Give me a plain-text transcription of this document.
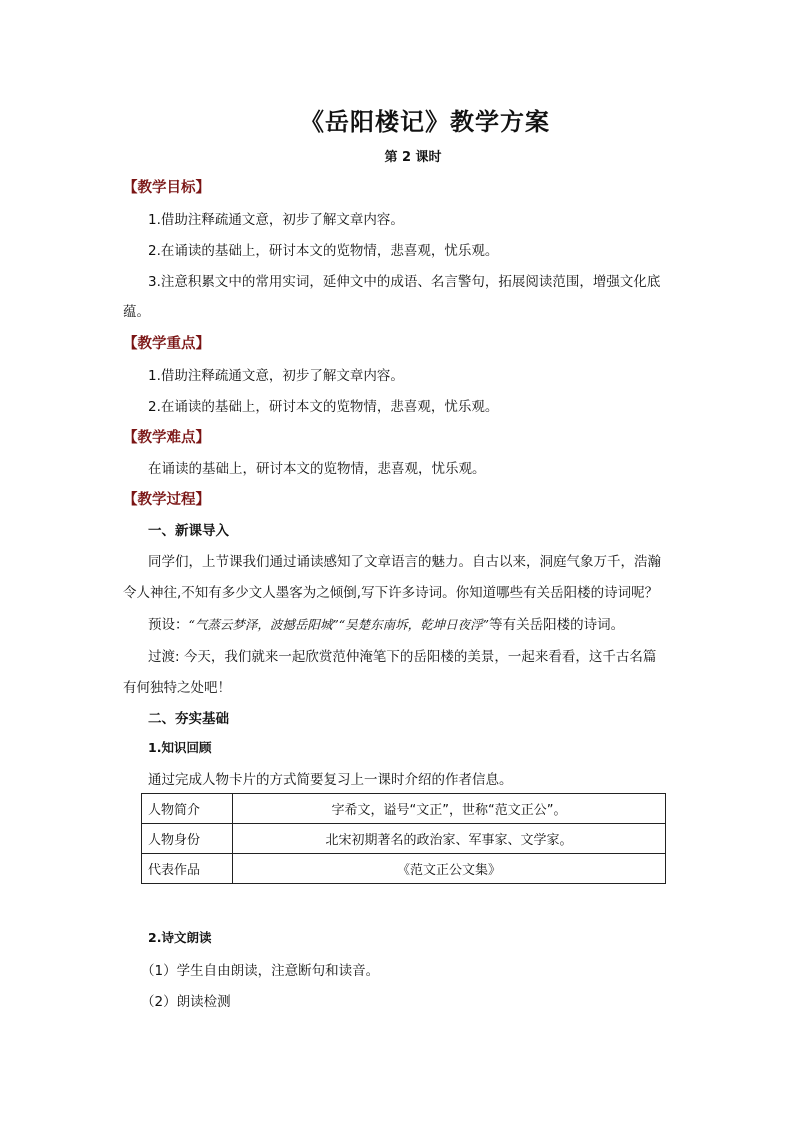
《岳阳楼记》教学方案
第 2 课时
【教学目标】
1.借助注释疏通文意，初步了解文章内容。
2.在诵读的基础上，研讨本文的览物情，悲喜观，忧乐观。
3.注意积累文中的常用实词，延伸文中的成语、名言警句，拓展阅读范围，增强文化底
蕴。
【教学重点】
1.借助注释疏通文意，初步了解文章内容。
2.在诵读的基础上，研讨本文的览物情，悲喜观，忧乐观。
【教学难点】
在诵读的基础上，研讨本文的览物情，悲喜观，忧乐观。
【教学过程】
一、新课导入
同学们，上节课我们通过诵读感知了文章语言的魅力。自古以来，洞庭气象万千，浩瀚
令人神往,不知有多少文人墨客为之倾倒,写下许多诗词。你知道哪些有关岳阳楼的诗词呢？
预设：“气蒸云梦泽，波撼岳阳城”“吴楚东南坼，乾坤日夜浮”等有关岳阳楼的诗词。
过渡: 今天，我们就来一起欣赏范仲淹笔下的岳阳楼的美景，一起来看看，这千古名篇
有何独特之处吧！
二、夯实基础
1.知识回顾
通过完成人物卡片的方式简要复习上一课时介绍的作者信息。
人物简介	字希文，谥号“文正”，世称“范文正公”。
人物身份	北宋初期著名的政治家、军事家、文学家。
代表作品	《范文正公文集》
2.诗文朗读
（1）学生自由朗读，注意断句和读音。
（2）朗读检测
